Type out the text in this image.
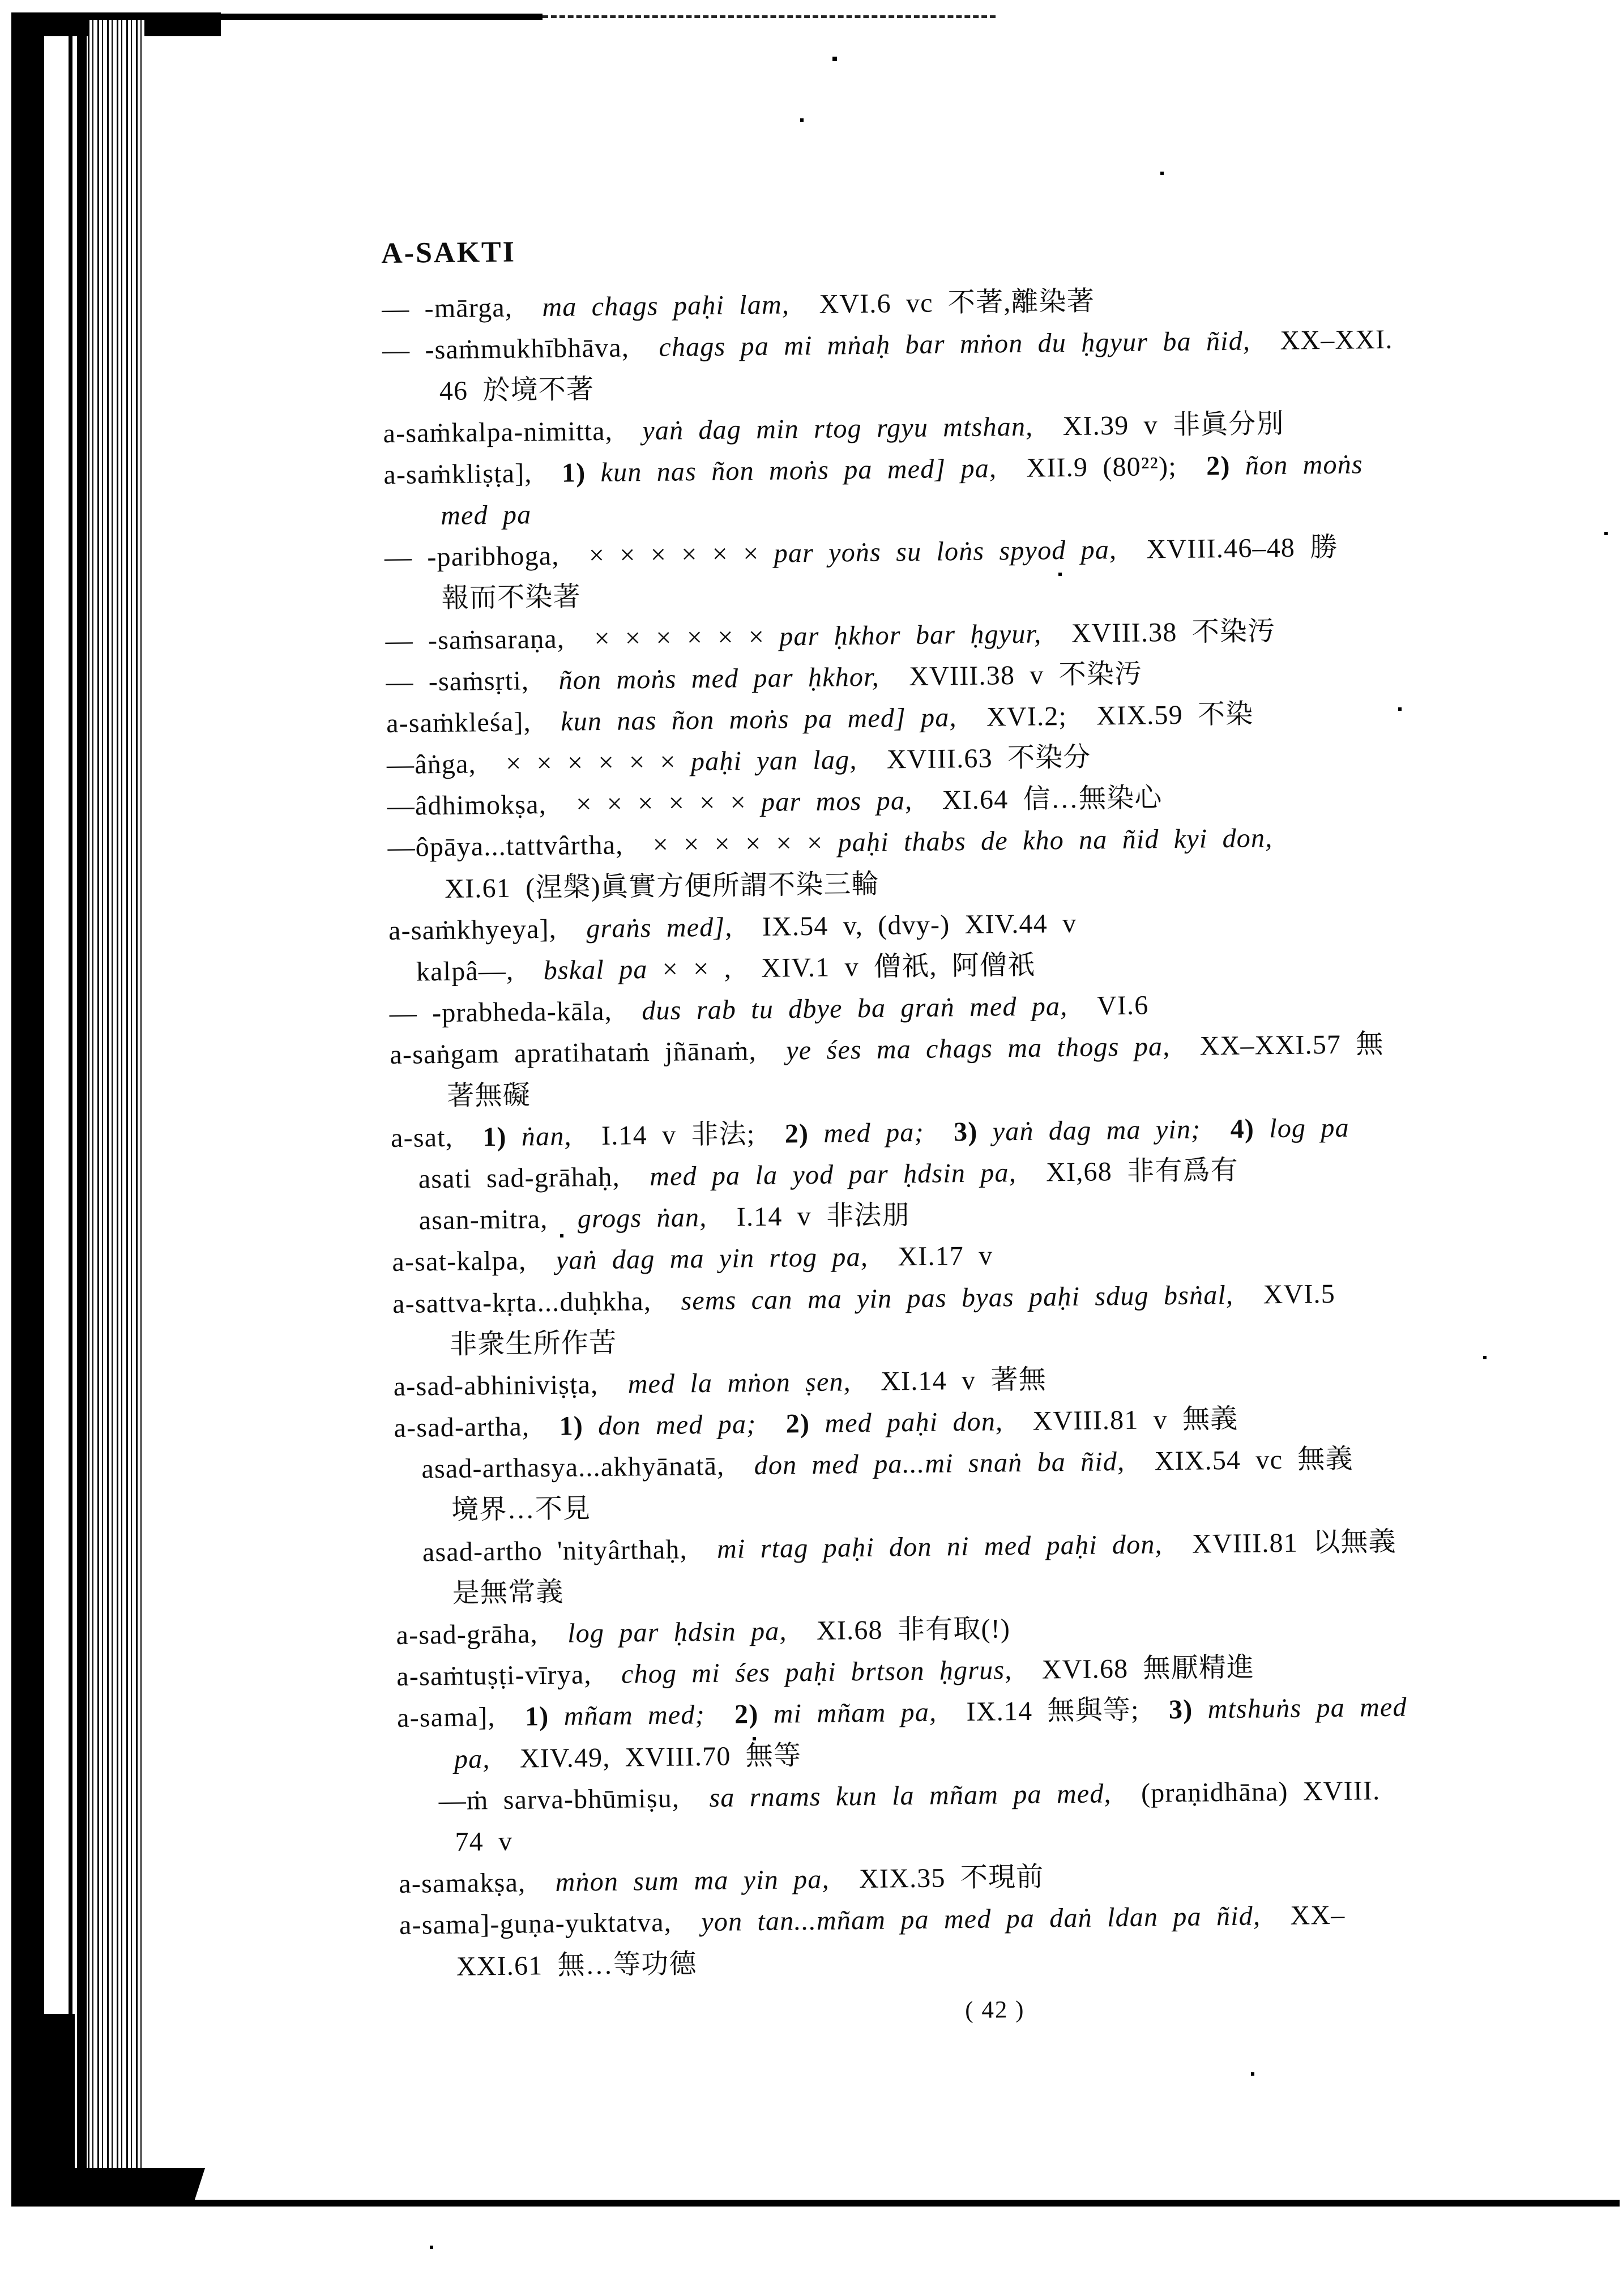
A-SAKTI

— -mārga,  ma chags paḥi lam,  XVI.6 vc 不著,離染著

— -saṁmukhībhāva,  chags pa mi mṅaḥ bar mṅon du ḥgyur ba ñid,  XX–XXI.

46 於境不著

a-saṁkalpa-nimitta,  yaṅ dag min rtog rgyu mtshan,  XI.39 v 非眞分別

a-saṁkliṣṭa],  1) kun nas ñon moṅs pa med] pa,  XII.9 (80²²);  2) ñon moṅs

med pa

— -paribhoga,  × × × × × × par yoṅs su loṅs spyod pa,  XVIII.46–48 勝

報而不染著

— -saṁsaraṇa,  × × × × × × par ḥkhor bar ḥgyur,  XVIII.38 不染汚

— -saṁsṛti,  ñon moṅs med par ḥkhor,  XVIII.38 v 不染汚

a-saṁkleśa],  kun nas ñon moṅs pa med] pa,  XVI.2;  XIX.59 不染

—âṅga,  × × × × × × paḥi yan lag,  XVIII.63 不染分

—âdhimokṣa,  × × × × × × par mos pa,  XI.64 信…無染心

—ôpāya...tattvârtha,  × × × × × × paḥi thabs de kho na ñid kyi don,

XI.61 (涅槃)眞實方便所謂不染三輪

a-saṁkhyeya],  graṅs med],  IX.54 v, (dvy-) XIV.44 v

kalpâ—,  bskal pa × × ,  XIV.1 v 僧祇, 阿僧祇

— -prabheda-kāla,  dus rab tu dbye ba graṅ med pa,  VI.6

a-saṅgam apratihataṁ jñānaṁ,  ye śes ma chags ma thogs pa,  XX–XXI.57 無

著無礙

a-sat,  1) ṅan,  I.14 v 非法;  2) med pa;  3) yaṅ dag ma yin;  4) log pa

asati sad-grāhaḥ,  med pa la yod par ḥdsin pa,  XI,68 非有爲有

asan-mitra,  grogs ṅan,  I.14 v 非法朋

a-sat-kalpa,  yaṅ dag ma yin rtog pa,  XI.17 v

a-sattva-kṛta...duḥkha,  sems can ma yin pas byas paḥi sdug bsṅal,  XVI.5

非衆生所作苦

a-sad-abhiniviṣṭa,  med la mṅon ṣen,  XI.14 v 著無

a-sad-artha,  1) don med pa;  2) med paḥi don,  XVIII.81 v 無義

asad-arthasya...akhyānatā,  don med pa...mi snaṅ ba ñid,  XIX.54 vc 無義

境界…不見

asad-artho 'nityârthaḥ,  mi rtag paḥi don ni med paḥi don,  XVIII.81 以無義

是無常義

a-sad-grāha,  log par ḥdsin pa,  XI.68 非有取(!)

a-saṁtuṣṭi-vīrya,  chog mi śes paḥi brtson ḥgrus,  XVI.68 無厭精進

a-sama],  1) mñam med;  2) mi mñam pa,  IX.14 無與等;  3) mtshuṅs pa med

pa,  XIV.49, XVIII.70 無等

—ṁ sarva-bhūmiṣu,  sa rnams kun la mñam pa med,  (praṇidhāna) XVIII.

74 v

a-samakṣa,  mṅon sum ma yin pa,  XIX.35 不現前

a-sama]-guṇa-yuktatva,  yon tan...mñam pa med pa daṅ ldan pa ñid,  XX–

XXI.61 無…等功德

( 42 )
